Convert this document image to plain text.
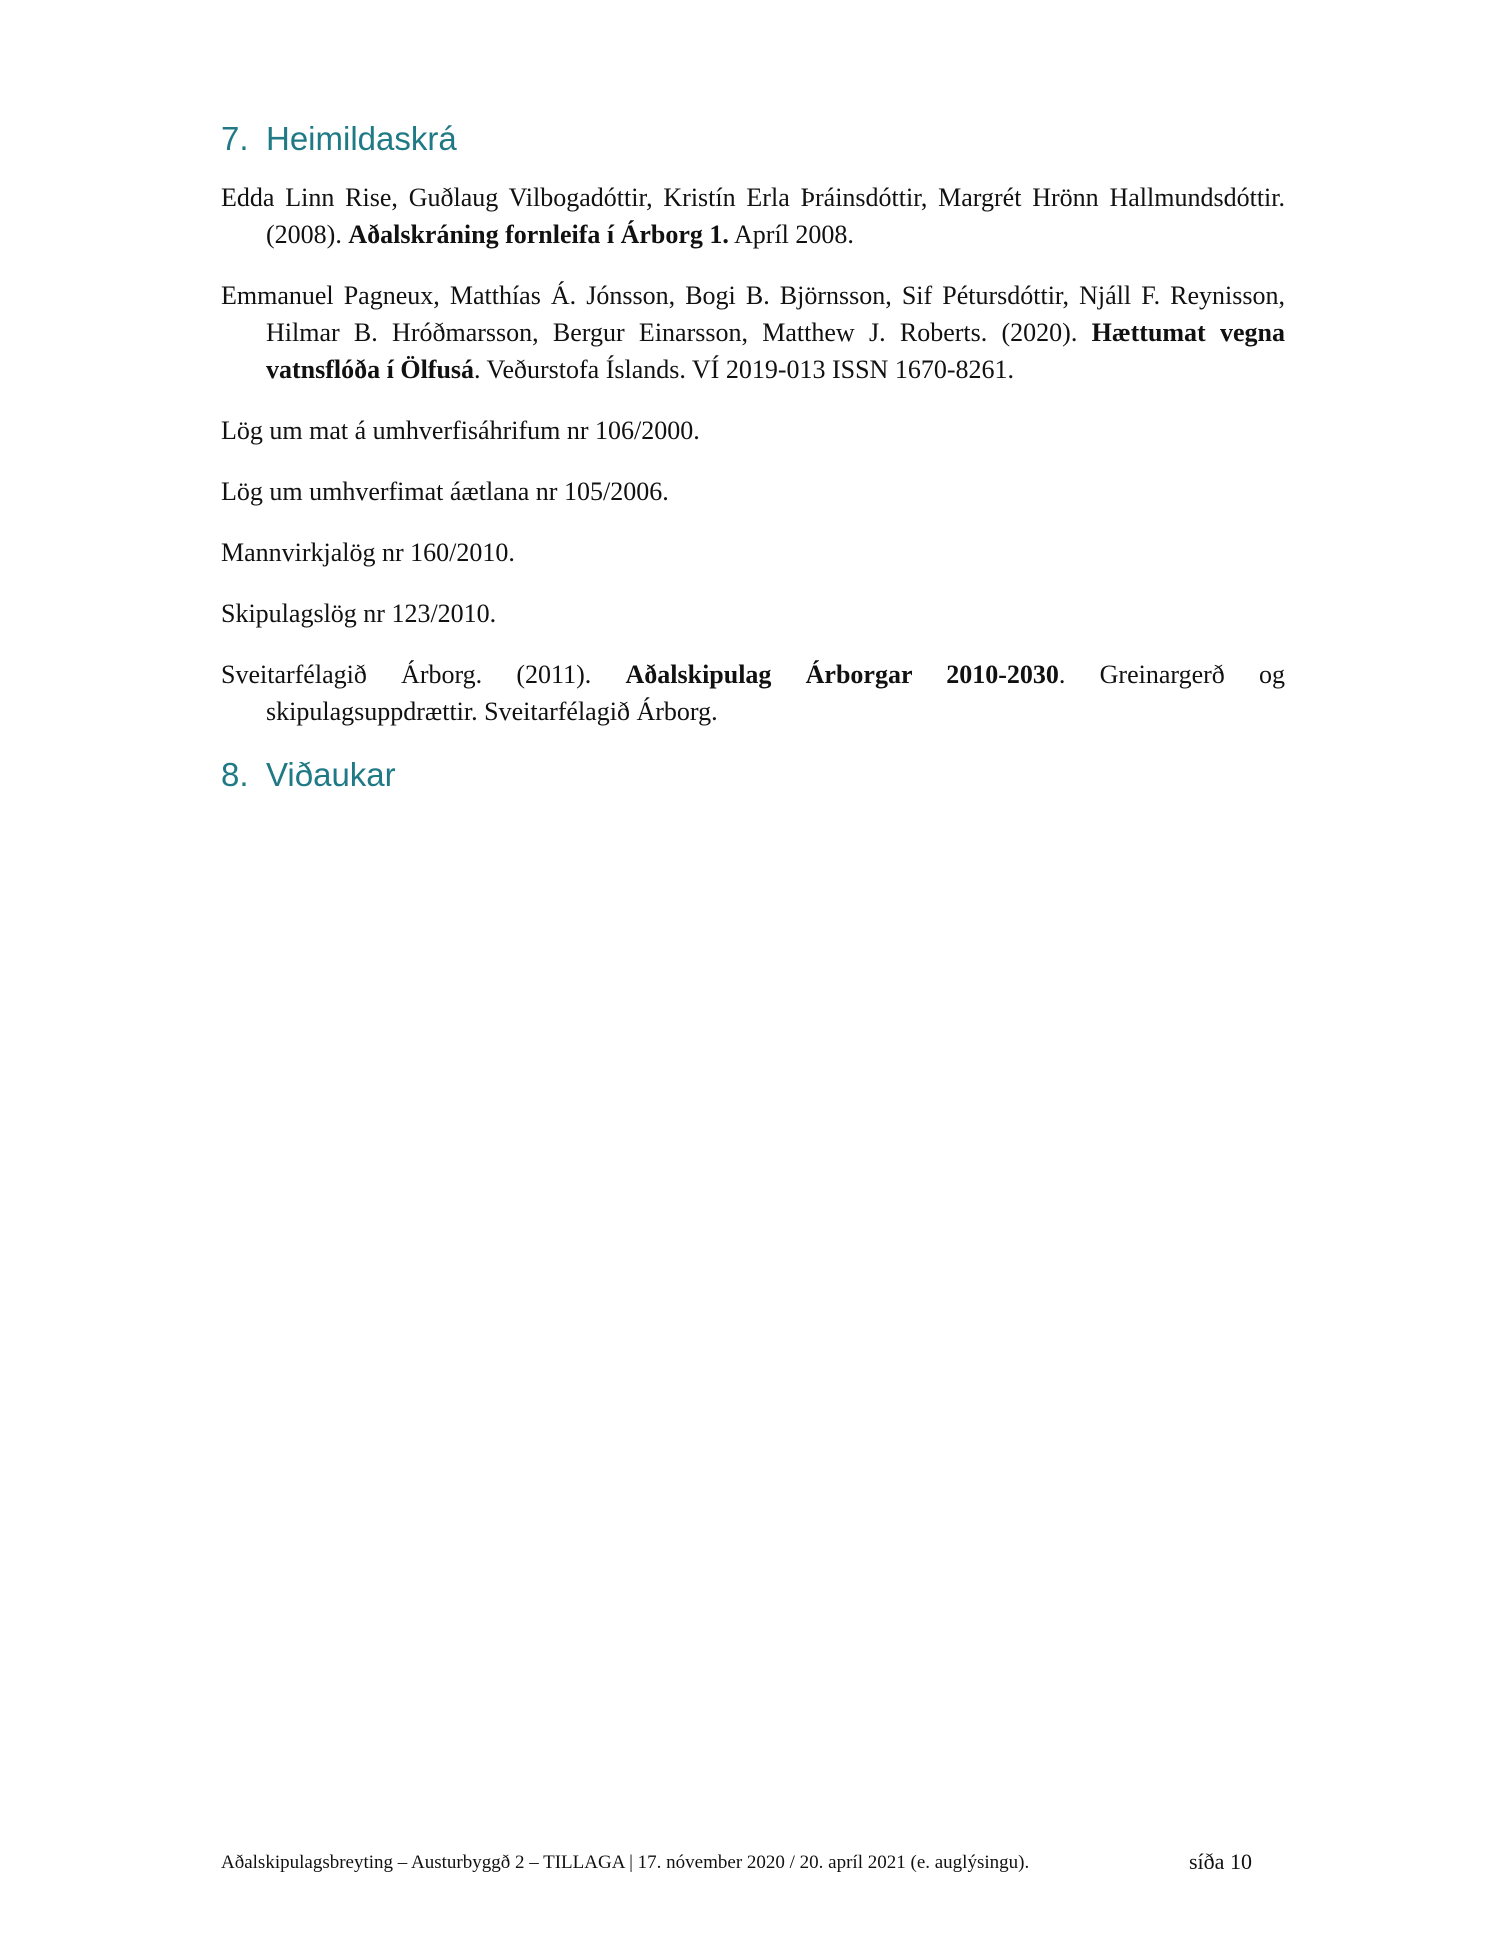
7. Heimildaskrá

Edda Linn Rise, Guðlaug Vilbogadóttir, Kristín Erla Þráinsdóttir, Margrét Hrönn Hallmundsdóttir. (2008). Aðalskráning fornleifa í Árborg 1. Apríl 2008.

Emmanuel Pagneux, Matthías Á. Jónsson, Bogi B. Björnsson, Sif Pétursdóttir, Njáll F. Reynisson, Hilmar B. Hróðmarsson, Bergur Einarsson, Matthew J. Roberts. (2020). Hættumat vegna vatnsflóða í Ölfusá. Veðurstofa Íslands. VÍ 2019-013 ISSN 1670-8261.

Lög um mat á umhverfisáhrifum nr 106/2000.

Lög um umhverfimat áætlana nr 105/2006.

Mannvirkjalög nr 160/2010.

Skipulagslög nr 123/2010.

Sveitarfélagið Árborg. (2011). Aðalskipulag Árborgar 2010-2030. Greinargerð og skipulagsuppdrættir. Sveitarfélagið Árborg.

8. Viðaukar
Aðalskipulagsbreyting – Austurbyggð 2 – TILLAGA | 17. nóvember 2020 / 20. apríl 2021 (e. auglýsingu).	síða 10
